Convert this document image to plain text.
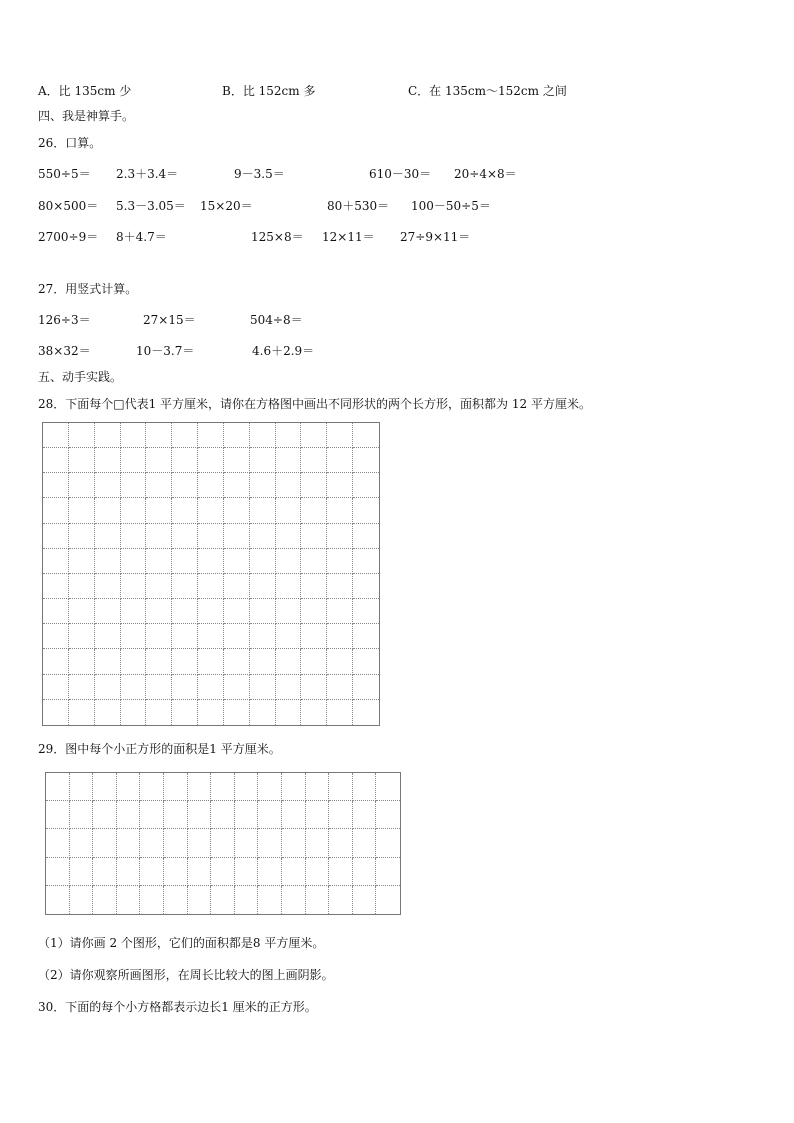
A．比 135cm 少	B．比 152cm 多	C．在 135cm～152cm 之间
四、我是神算手。
26．口算。
550÷5＝ 2.3＋3.4＝	9－3.5＝	610－30＝ 20÷4×8＝
80×500＝ 5.3－3.05＝ 15×20＝	80＋530＝ 100－50÷5＝
2700÷9＝ 8＋4.7＝	125×8＝ 12×11＝ 27÷9×11＝
27．用竖式计算。
126÷3＝	27×15＝	504÷8＝
38×32＝	10－3.7＝	4.6＋2.9＝
五、动手实践。
28．下面每个□代表1 平方厘米，请你在方格图中画出不同形状的两个长方形，面积都为 12 平方厘米。
29．图中每个小正方形的面积是1 平方厘米。
（1）请你画 2 个图形，它们的面积都是8 平方厘米。
（2）请你观察所画图形，在周长比较大的图上画阴影。
30．下面的每个小方格都表示边长1 厘米的正方形。
